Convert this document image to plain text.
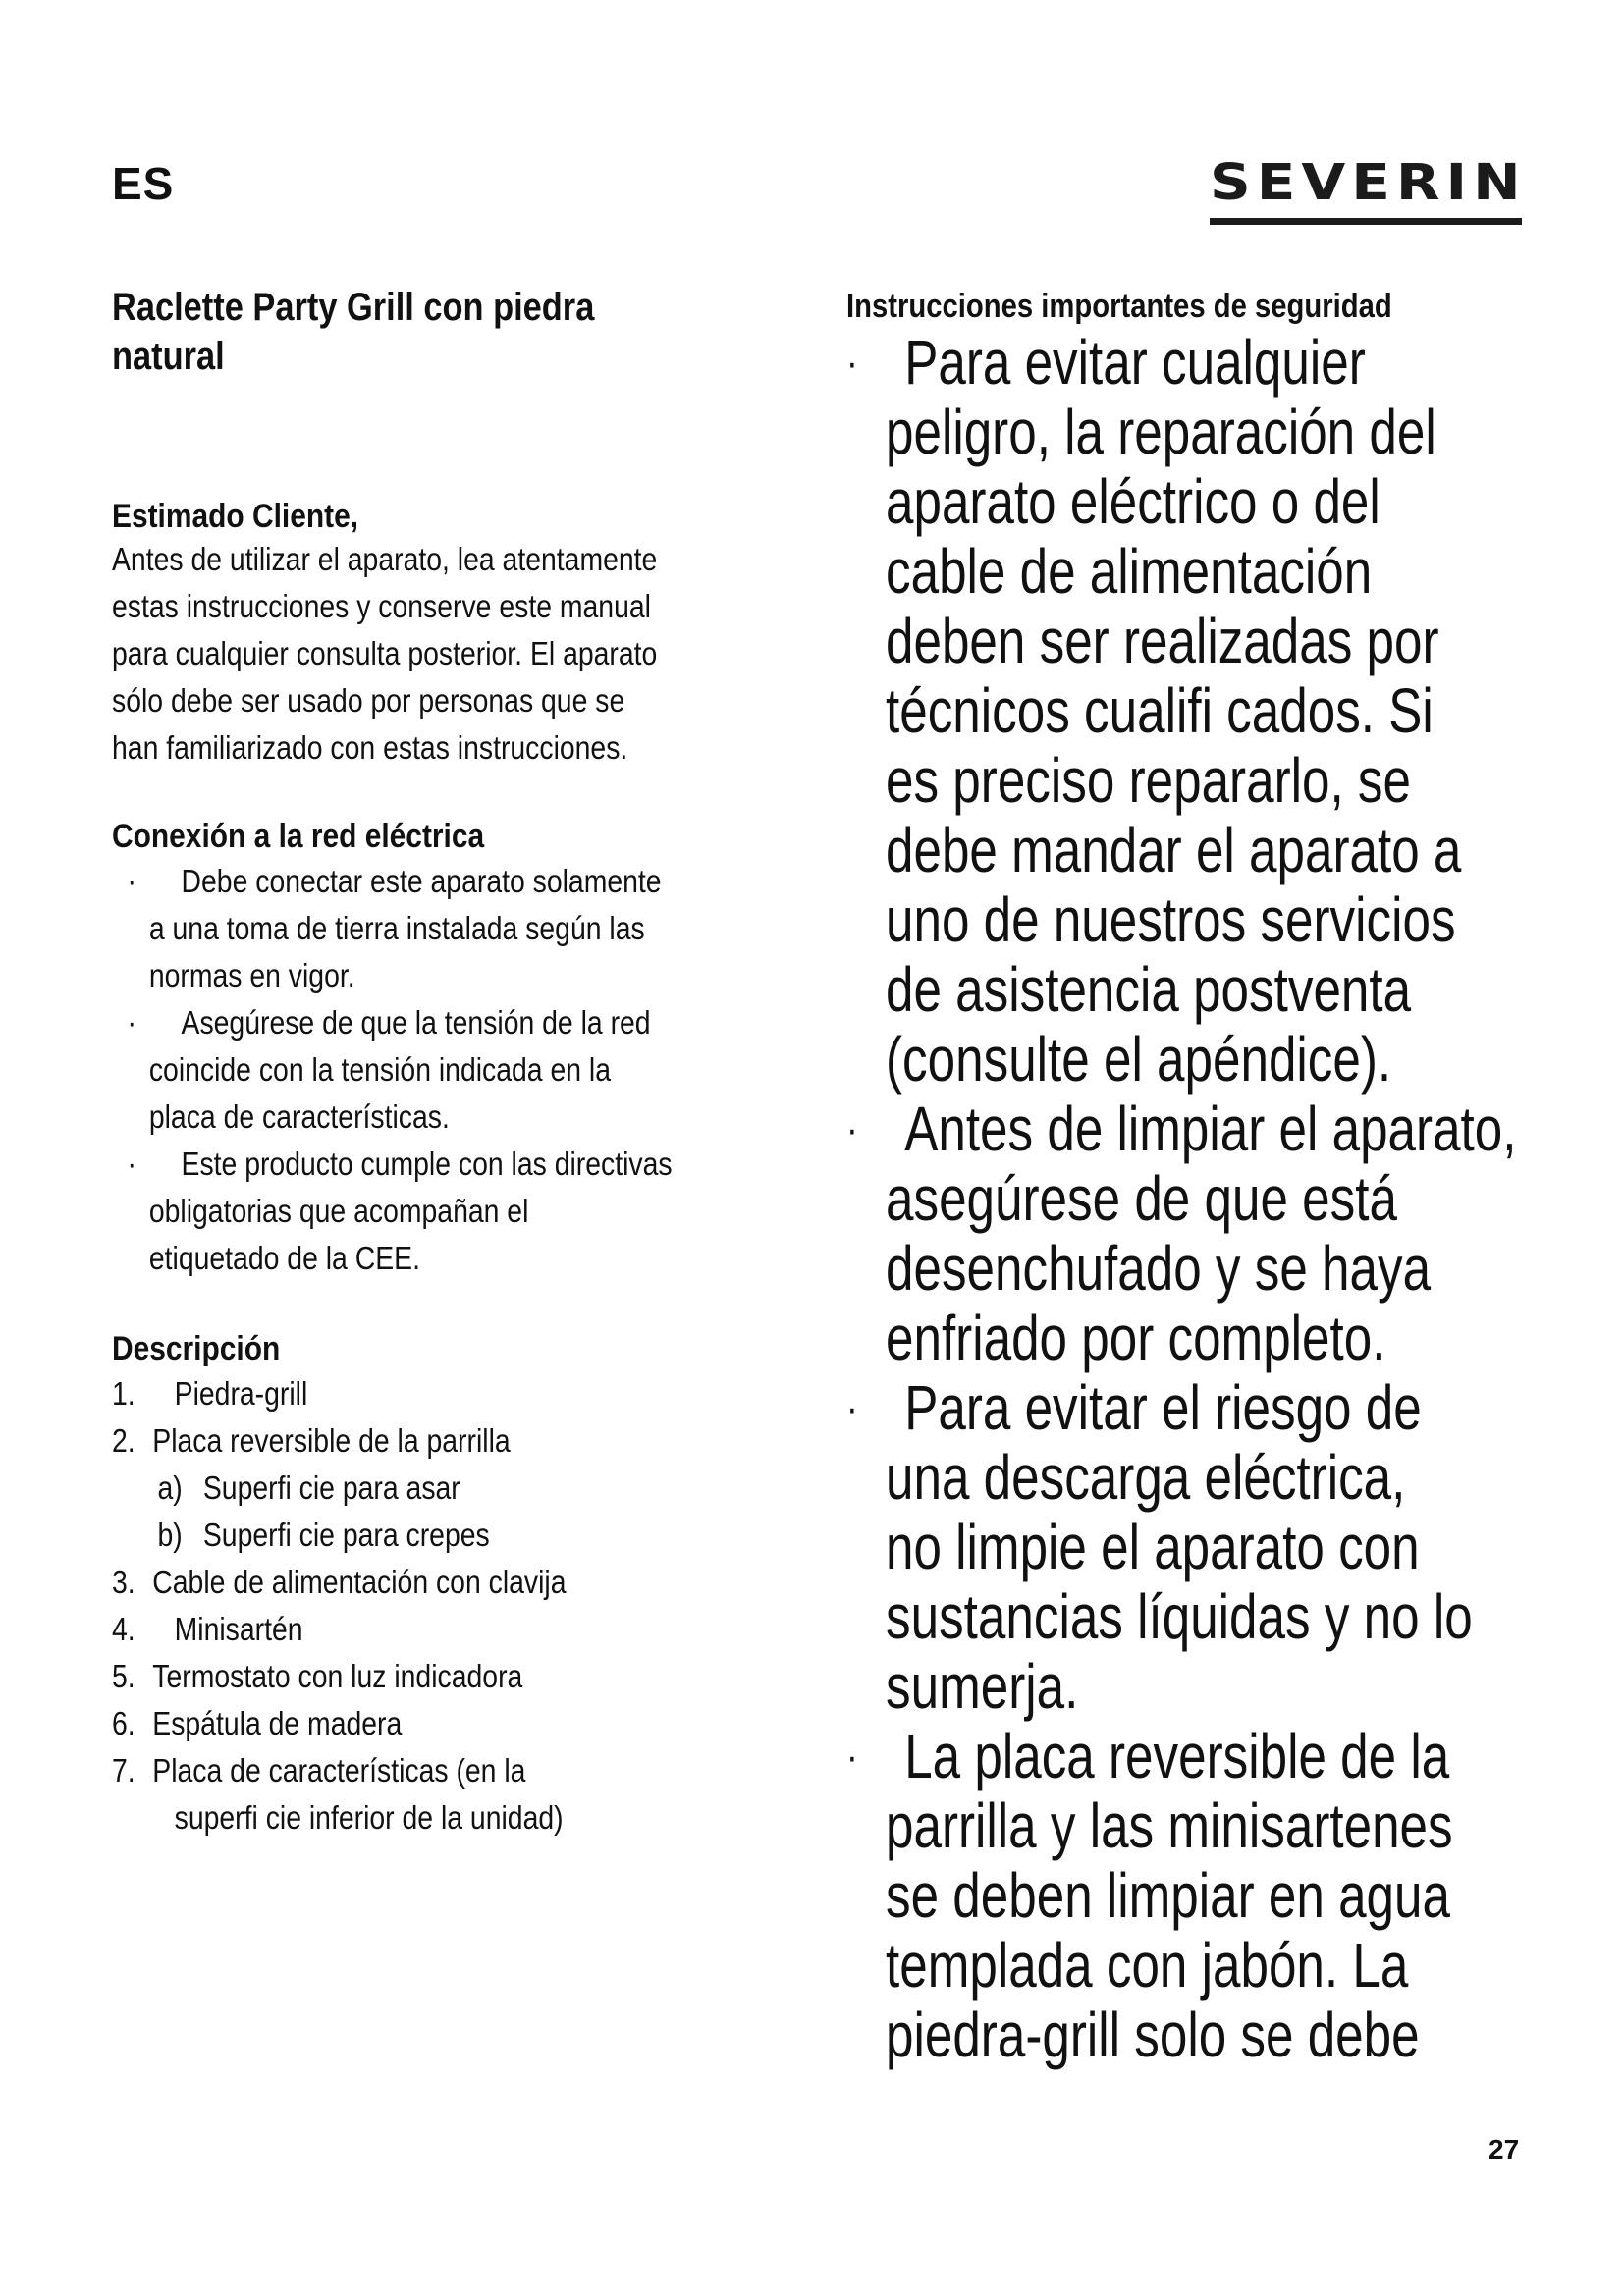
ES	SEVERIN

Raclette Party Grill con piedra
natural

Estimado Cliente,

Antes de utilizar el aparato, lea atentamente
estas instrucciones y conserve este manual
para cualquier consulta posterior. El aparato
sólo debe ser usado por personas que se
han familiarizado con estas instrucciones.

Conexión a la red eléctrica

· Debe conectar este aparato solamente
a una toma de tierra instalada según las
normas en vigor.

· Asegúrese de que la tensión de la red
coincide con la tensión indicada en la
placa de características.

· Este producto cumple con las directivas
obligatorias que acompañan el
etiquetado de la CEE.

Descripción

1.	Piedra-grill
2. Placa reversible de la parrilla
a) Superfi cie para asar
b) Superfi cie para crepes
3. Cable de alimentación con clavija
4.	Minisartén
5. Termostato con luz indicadora
6. Espátula de madera
7. Placa de características (en la
superfi cie inferior de la unidad)

Instrucciones importantes de seguridad

· Para evitar cualquier
peligro, la reparación del
aparato eléctrico o del
cable de alimentación
deben ser realizadas por
técnicos cualifi cados. Si
es preciso repararlo, se
debe mandar el aparato a
uno de nuestros servicios
de asistencia postventa
(consulte el apéndice).

· Antes de limpiar el aparato,
asegúrese de que está
desenchufado y se haya
enfriado por completo.

· Para evitar el riesgo de
una descarga eléctrica,
no limpie el aparato con
sustancias líquidas y no lo
sumerja.

· La placa reversible de la
parrilla y las minisartenes
se deben limpiar en agua
templada con jabón. La
piedra-grill solo se debe

27
